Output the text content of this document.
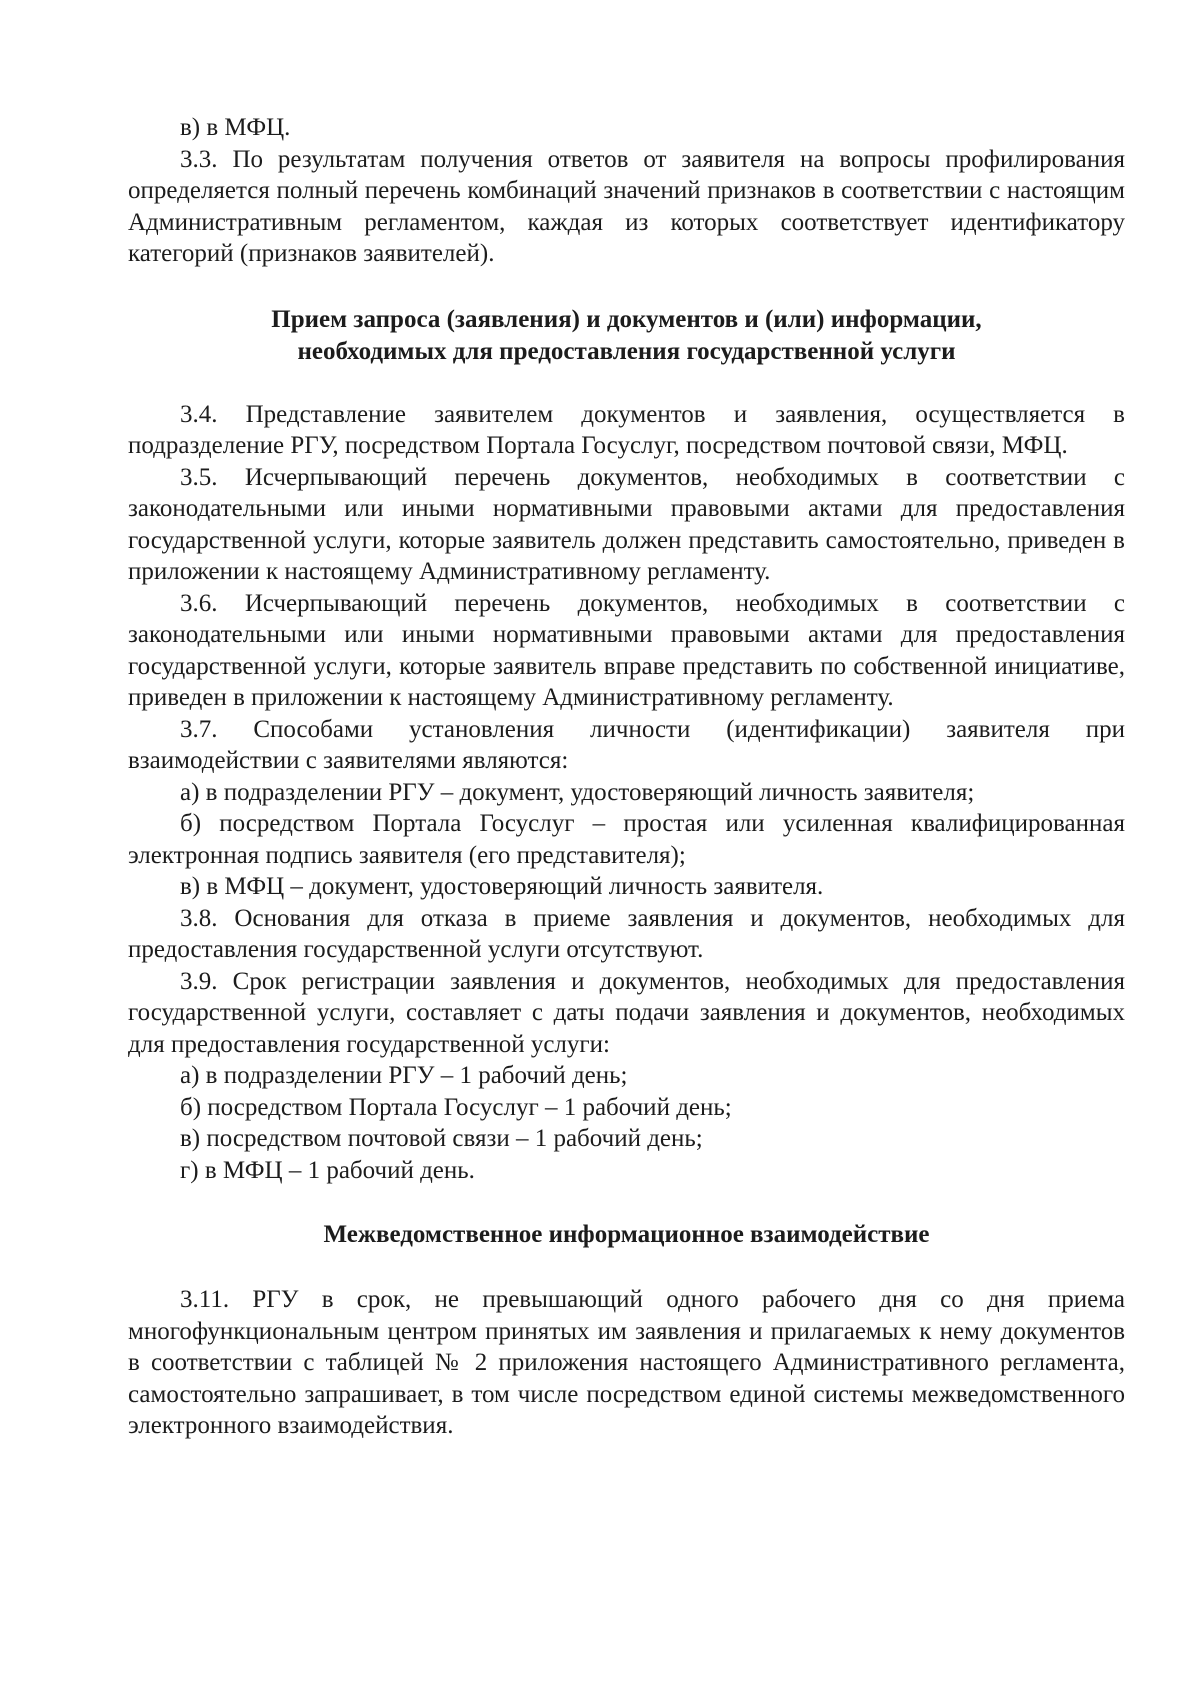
в) в МФЦ.

3.3. По результатам получения ответов от заявителя на вопросы профилирования определяется полный перечень комбинаций значений признаков в соответствии с настоящим Административным регламентом, каждая из которых соответствует идентификатору категорий (признаков заявителей).

Прием запроса (заявления) и документов и (или) информации,
необходимых для предоставления государственной услуги

3.4. Представление заявителем документов и заявления, осуществляется в подразделение РГУ, посредством Портала Госуслуг, посредством почтовой связи, МФЦ.

3.5. Исчерпывающий перечень документов, необходимых в соответствии с законодательными или иными нормативными правовыми актами для предоставления государственной услуги, которые заявитель должен представить самостоятельно, приведен в приложении к настоящему Административному регламенту.

3.6. Исчерпывающий перечень документов, необходимых в соответствии с законодательными или иными нормативными правовыми актами для предоставления государственной услуги, которые заявитель вправе представить по собственной инициативе, приведен в приложении к настоящему Административному регламенту.

3.7. Способами установления личности (идентификации) заявителя при взаимодействии с заявителями являются:

а) в подразделении РГУ – документ, удостоверяющий личность заявителя;

б) посредством Портала Госуслуг – простая или усиленная квалифицированная электронная подпись заявителя (его представителя);

в) в МФЦ – документ, удостоверяющий личность заявителя.

3.8. Основания для отказа в приеме заявления и документов, необходимых для предоставления государственной услуги отсутствуют.

3.9. Срок регистрации заявления и документов, необходимых для предоставления государственной услуги, составляет с даты подачи заявления и документов, необходимых для предоставления государственной услуги:

а) в подразделении РГУ – 1 рабочий день;

б) посредством Портала Госуслуг – 1 рабочий день;

в) посредством почтовой связи – 1 рабочий день;

г) в МФЦ – 1 рабочий день.

Межведомственное информационное взаимодействие

3.11. РГУ в срок, не превышающий одного рабочего дня со дня приема многофункциональным центром принятых им заявления и прилагаемых к нему документов в соответствии с таблицей № 2 приложения настоящего Административного регламента, самостоятельно запрашивает, в том числе посредством единой системы межведомственного электронного взаимодействия.
